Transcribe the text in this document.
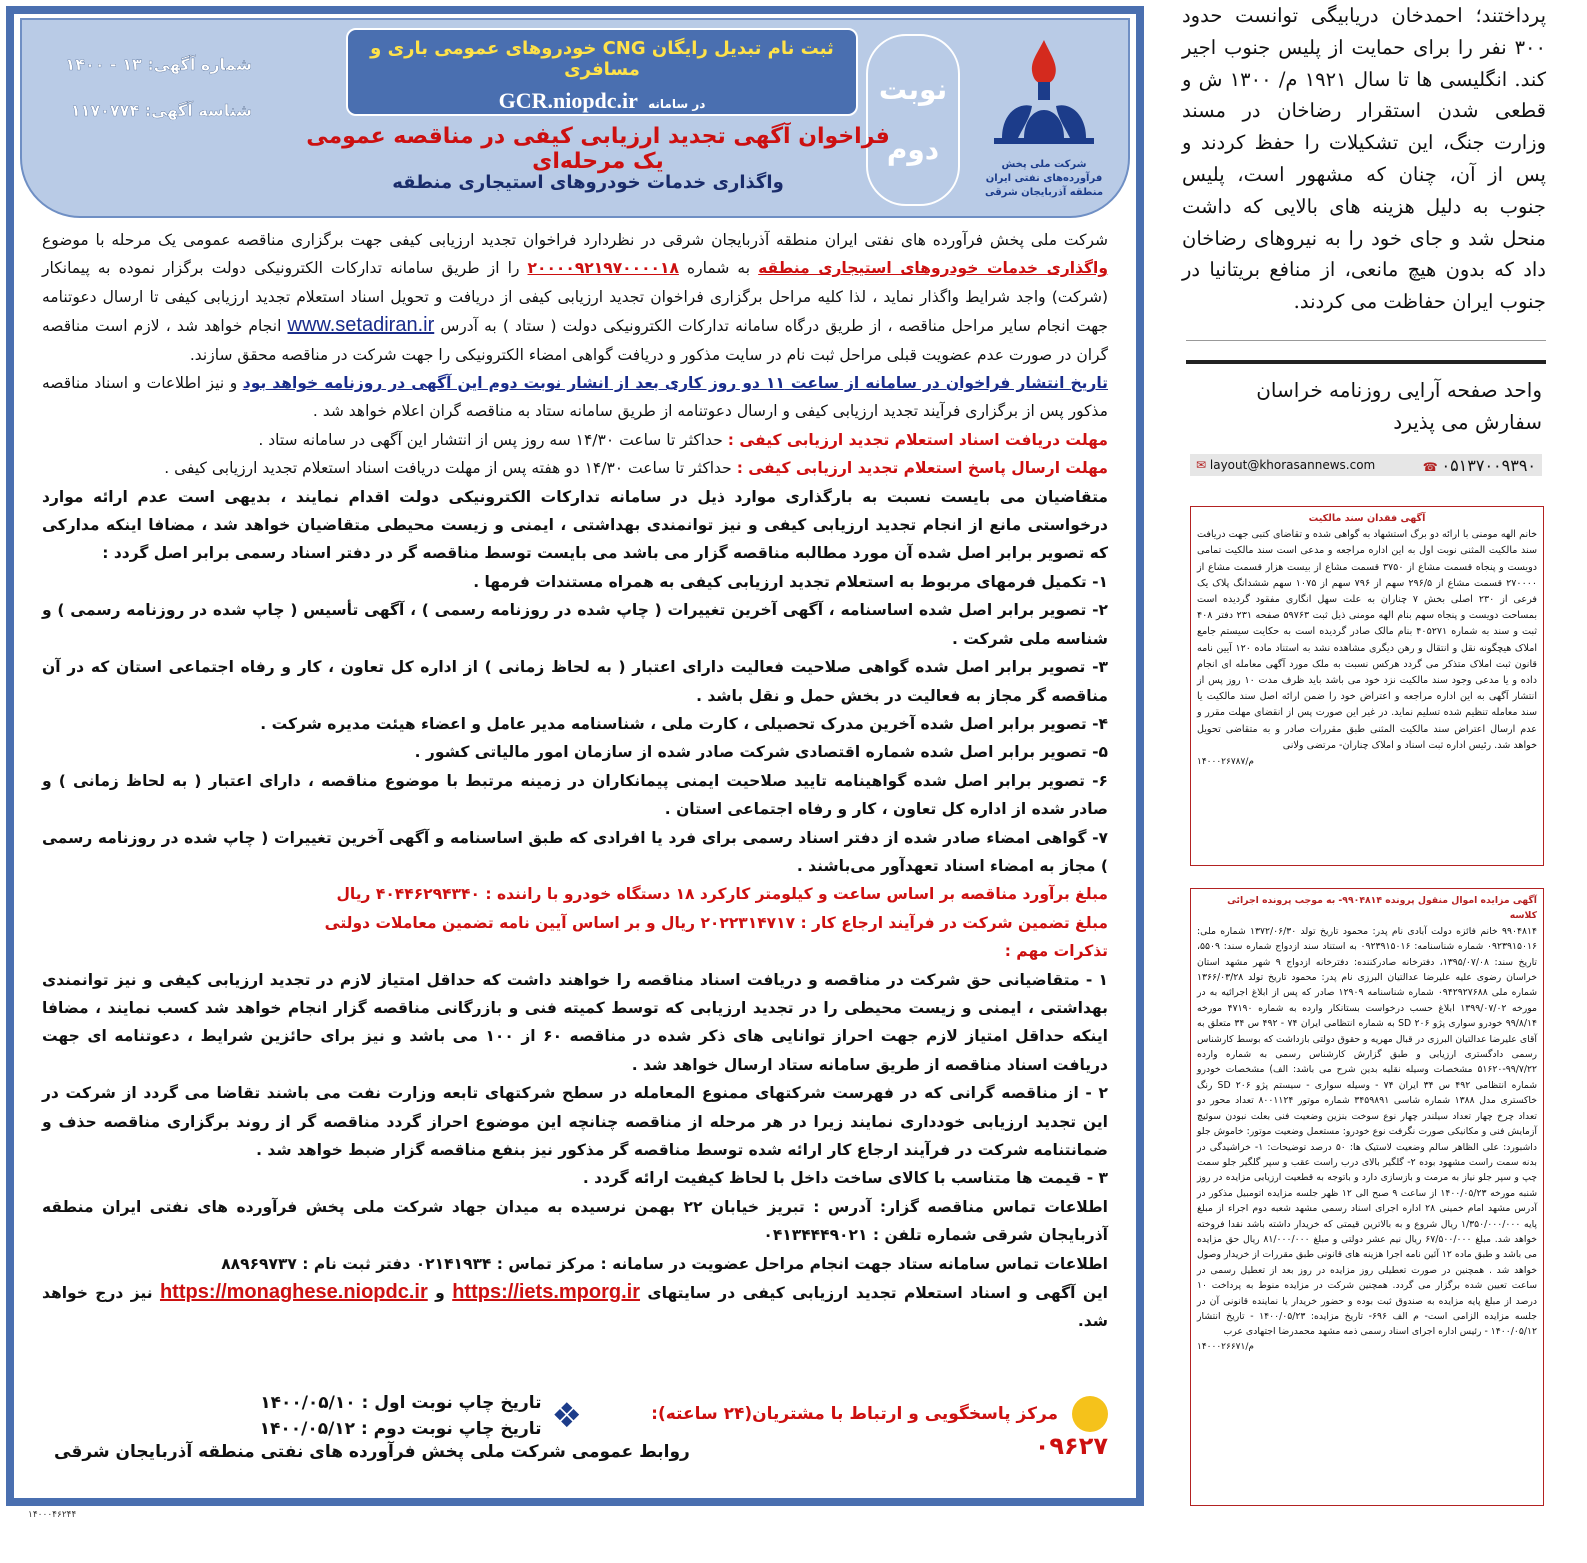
شرکت ملی پخش فرآورده‌های نفتی ایران منطقه آذربایجان شرقی
نوبت
دوم
ثبت نام تبدیل رایگان CNG خودروهای عمومی باری و مسافری
در سامانه GCR.niopdc.ir
شماره آگهی: ۱۳ - ۱۴۰۰
شناسه آگهی: ۱۱۷۰۷۷۴
فراخوان آگهی تجدید ارزیابی کیفی در مناقصه عمومی یک مرحله‌ای
واگذاری خدمات خودروهای استیجاری منطقه

شرکت ملی پخش فرآورده های نفتی ایران منطقه آذربایجان شرقی در نظردارد فراخوان تجدید ارزیابی کیفی جهت برگزاری مناقصه عمومی یک مرحله با موضوع واگذاری خدمات خودروهای استیجاری منطقه به شماره ۲۰۰۰۰۹۲۱۹۷۰۰۰۰۱۸ را از طریق سامانه تدارکات الکترونیکی دولت برگزار نموده به پیمانکار (شرکت) واجد شرایط واگذار نماید ، لذا کلیه مراحل برگزاری فراخوان تجدید ارزیابی کیفی از دریافت و تحویل اسناد استعلام تجدید ارزیابی کیفی تا ارسال دعوتنامه جهت انجام سایر مراحل مناقصه ، از طریق درگاه سامانه تدارکات الکترونیکی دولت ( ستاد ) به آدرس www.setadiran.ir انجام خواهد شد ، لازم است مناقصه گران در صورت عدم عضویت قبلی مراحل ثبت نام در سایت مذکور و دریافت گواهی امضاء الکترونیکی را جهت شرکت در مناقصه محقق سازند.

تاریخ انتشار فراخوان در سامانه از ساعت ۱۱ دو روز کاری بعد از انشار نوبت دوم این آگهی در روزنامه خواهد بود و نیز اطلاعات و اسناد مناقصه مذکور پس از برگزاری فرآیند تجدید ارزیابی کیفی و ارسال دعوتنامه از طریق سامانه ستاد به مناقصه گران اعلام خواهد شد .

مهلت دریافت اسناد استعلام تجدید ارزیابی کیفی : حداکثر تا ساعت ۱۴/۳۰ سه روز پس از انتشار این آگهی در سامانه ستاد .

مهلت ارسال پاسخ استعلام تجدید ارزیابی کیفی : حداکثر تا ساعت ۱۴/۳۰ دو هفته پس از مهلت دریافت اسناد استعلام تجدید ارزیابی کیفی .

متقاضیان می بایست نسبت به بارگذاری موارد ذیل در سامانه تدارکات الکترونیکی دولت اقدام نمایند ، بدیهی است عدم ارائه موارد درخواستی مانع از انجام تجدید ارزیابی کیفی و نیز توانمندی بهداشتی ، ایمنی و زیست محیطی متقاضیان خواهد شد ، مضافا اینکه مدارکی که تصویر برابر اصل شده آن مورد مطالبه مناقصه گزار می باشد می بایست توسط مناقصه گر در دفتر اسناد رسمی برابر اصل گردد :

۱- تکمیل فرمهای مربوط به استعلام تجدید ارزیابی کیفی به همراه مستندات فرمها .

۲- تصویر برابر اصل شده اساسنامه ، آگهی آخرین تغییرات ( چاپ شده در روزنامه رسمی ) ، آگهی تأسیس ( چاپ شده در روزنامه رسمی ) و شناسه ملی شرکت .

۳- تصویر برابر اصل شده گواهی صلاحیت فعالیت دارای اعتبار ( به لحاظ زمانی ) از اداره کل تعاون ، کار و رفاه اجتماعی استان که در آن مناقصه گر مجاز به فعالیت در بخش حمل و نقل باشد .

۴- تصویر برابر اصل شده آخرین مدرک تحصیلی ، کارت ملی ، شناسنامه مدیر عامل و اعضاء هیئت مدیره شرکت .

۵- تصویر برابر اصل شده شماره اقتصادی شرکت صادر شده از سازمان امور مالیاتی کشور .

۶- تصویر برابر اصل شده گواهینامه تایید صلاحیت ایمنی پیمانکاران در زمینه مرتبط با موضوع مناقصه ، دارای اعتبار ( به لحاظ زمانی ) و صادر شده از اداره کل تعاون ، کار و رفاه اجتماعی استان .

۷- گواهی امضاء صادر شده از دفتر اسناد رسمی برای فرد یا افرادی که طبق اساسنامه و آگهی آخرین تغییرات ( چاپ شده در روزنامه رسمی ) مجاز به امضاء اسناد تعهدآور می‌باشند .

مبلغ برآورد مناقصه بر اساس ساعت و کیلومتر کارکرد ۱۸ دستگاه خودرو با راننده : ۴۰۴۴۶۲۹۴۳۴۰ ریال

مبلغ تضمین شرکت در فرآیند ارجاع کار : ۲۰۲۲۳۱۴۷۱۷ ریال و بر اساس آیین نامه تضمین معاملات دولتی

تذکرات مهم :

۱ - متقاضیانی حق شرکت در مناقصه و دریافت اسناد مناقصه را خواهند داشت که حداقل امتیاز لازم در تجدید ارزیابی کیفی و نیز توانمندی بهداشتی ، ایمنی و زیست محیطی را در تجدید ارزیابی که توسط کمیته فنی و بازرگانی مناقصه گزار انجام خواهد شد کسب نمایند ، مضافا اینکه حداقل امتیاز لازم جهت احراز توانایی های ذکر شده در مناقصه ۶۰ از ۱۰۰ می باشد و نیز برای حائزین شرایط ، دعوتنامه ای جهت دریافت اسناد مناقصه از طریق سامانه ستاد ارسال خواهد شد .

۲ - از مناقصه گرانی که در فهرست شرکتهای ممنوع المعامله در سطح شرکتهای تابعه وزارت نفت می باشند تقاضا می گردد از شرکت در این تجدید ارزیابی خودداری نمایند زیرا در هر مرحله از مناقصه چنانچه این موضوع احراز گردد مناقصه گر از روند برگزاری مناقصه حذف و ضمانتنامه شرکت در فرآیند ارجاع کار ارائه شده توسط مناقصه گر مذکور نیز بنفع مناقصه گزار ضبط خواهد شد .

۳ - قیمت ها متناسب با کالای ساخت داخل با لحاظ کیفیت ارائه گردد .

اطلاعات تماس مناقصه گزار: آدرس : تبریز خیابان ۲۲ بهمن نرسیده به میدان جهاد شرکت ملی پخش فرآورده های نفتی ایران منطقه آذربایجان شرقی شماره تلفن : ۰۴۱۳۴۴۴۹۰۲۱

اطلاعات تماس سامانه ستاد جهت انجام مراحل عضویت در سامانه : مرکز تماس : ۰۲۱۴۱۹۳۴ دفتر ثبت نام : ۸۸۹۶۹۷۳۷

این آگهی و اسناد استعلام تجدید ارزیابی کیفی در سایتهای https://iets.mporg.ir و https://monaghese.niopdc.ir نیز درج خواهد شد.

❖
تاریخ چاپ نوبت اول : ۱۴۰۰/۰۵/۱۰
تاریخ چاپ نوبت دوم : ۱۴۰۰/۰۵/۱۲
مرکز پاسخگویی و ارتباط با مشتریان(۲۴ ساعته): ۰۹۶۲۷
روابط عمومی شرکت ملی پخش فرآورده های نفتی منطقه آذربایجان شرقی
۱۴۰۰۰۴۶۲۴۴
پرداختند؛ احمدخان دریابیگی توانست حدود ۳۰۰ نفر را برای حمایت از پلیس جنوب اجیر کند. انگلیسی ها تا سال ۱۹۲۱ م/ ۱۳۰۰ ش و قطعی شدن استقرار رضاخان در مسند وزارت جنگ، این تشکیلات را حفظ کردند و پس از آن، چنان که مشهور است، پلیس جنوب به دلیل هزینه های بالایی که داشت منحل شد و جای خود را به نیروهای رضاخان داد که بدون هیچ مانعی، از منافع بریتانیا در جنوب ایران حفاظت می کردند.
واحد صفحه آرایی روزنامه خراسان
سفارش می پذیرد
✉ layout@khorasannews.com	☎ ۰۵۱۳۷۰۰۹۳۹۰
آگهی فقدان سند مالکیت
خانم الهه مومنی با ارائه دو برگ استشهاد به گواهی شده و تقاضای کتبی جهت دریافت سند مالکیت المثنی نوبت اول به این اداره مراجعه و مدعی است سند مالکیت تمامی دویست و پنجاه قسمت مشاع از ۳۷۵۰ قسمت مشاع از بیست هزار قسمت مشاع از ۲۷۰۰۰۰ قسمت مشاع از ۲۹۶/۵ سهم از ۷۹۶ سهم از ۱۰۷۵ سهم ششدانگ پلاک یک فرعی از ۲۳۰ اصلی بخش ۷ چناران به علت سهل انگاری مفقود گردیده است بمساحت دویست و پنجاه سهم بنام الهه مومنی ذیل ثبت ۵۹۷۶۳ صفحه ۲۳۱ دفتر ۴۰۸ ثبت و سند به شماره ۴۰۵۲۷۱ بنام مالک صادر گردیده است به حکایت سیستم جامع املاک هیچگونه نقل و انتقال و رهن دیگری مشاهده نشد به استناد ماده ۱۲۰ آیین نامه قانون ثبت املاک متذکر می گردد هرکس نسبت به ملک مورد آگهی معامله ای انجام داده و یا مدعی وجود سند مالکیت نزد خود می باشد باید ظرف مدت ۱۰ روز پس از انتشار آگهی به این اداره مراجعه و اعتراض خود را ضمن ارائه اصل سند مالکیت یا سند معامله تنظیم شده تسلیم نماید. در غیر این صورت پس از انقضای مهلت مقرر و عدم ارسال اعتراض سند مالکیت المثنی طبق مقررات صادر و به متقاضی تحویل خواهد شد. رئیس اداره ثبت اسناد و املاک چناران- مرتضی ولانی
م/۱۴۰۰۰۲۶۷۸۷
آگهی مزایده اموال منقول پرونده ۹۹۰۴۸۱۴- به موجب پرونده اجرائی کلاسه
۹۹۰۴۸۱۴ خانم فائزه دولت آبادی نام پدر: محمود تاریخ تولد ۱۳۷۲/۰۶/۳۰ شماره ملی: ۰۹۲۳۹۱۵۰۱۶ شماره شناسنامه: ۰۹۲۳۹۱۵۰۱۶ به استناد سند ازدواج شماره سند: ۵۵۰۹، تاریخ سند: ۱۳۹۵/۰۷/۰۸، دفترخانه صادرکننده: دفترخانه ازدواج ۹ شهر مشهد استان خراسان رضوی علیه علیرضا عدالتیان البرزی نام پدر: محمود تاریخ تولد ۱۳۶۶/۰۳/۲۸ شماره ملی ۰۹۴۲۹۲۷۶۸۸ شماره شناسنامه ۱۲۹۰۹ صادر که پس از ابلاغ اجرائیه به در مورخه ۱۳۹۹/۰۷/۰۲ ابلاغ حسب درخواست بستانکار وارده به شماره ۴۷۱۹۰ مورخه ۹۹/۸/۱۴ خودرو سواری پژو ۲۰۶ SD به شماره انتظامی ایران ۷۴ - ۴۹۲ س ۳۴ متعلق به آقای علیرضا عدالتیان البرزی در قبال مهریه و حقوق دولتی بازداشت که بوسط کارشناس رسمی دادگستری ارزیابی و طبق گزارش کارشناس رسمی به شماره وارده ۹۹/۷/۲۲-۵۱۶۲۰ مشخصات وسیله نقلیه بدین شرح می باشد: الف) مشخصات خودرو شماره انتظامی ۴۹۲ س ۳۴ ایران ۷۴ - وسیله سواری - سیستم پژو ۲۰۶ SD رنگ خاکستری مدل ۱۳۸۸ شماره شاسی ۳۴۵۹۸۹۱ شماره موتور ۸۰۰۱۱۲۴ تعداد محور دو تعداد چرخ چهار تعداد سیلندر چهار نوع سوخت بنزین وضعیت فنی بعلت نبودن سوئیچ آزمایش فنی و مکانیکی صورت نگرفت نوع خودرو: مستعمل وضعیت موتور: خاموش جلو داشبورد: علی الظاهر سالم وضعیت لاستیک ها: ۵۰ درصد توضیحات: ۱- خراشیدگی در بدنه سمت راست مشهود بوده ۲- گلگیر بالای درب راست عقب و سپر گلگیر جلو سمت چپ و سپر جلو نیاز به مرمت و بازسازی دارد و باتوجه به قطعیت ارزیابی مزایده در روز شنبه مورخه ۱۴۰۰/۰۵/۲۳ از ساعت ۹ صبح الی ۱۲ ظهر جلسه مزایده اتومبیل مذکور در آدرس مشهد امام خمینی ۲۸ اداره اجرای اسناد رسمی مشهد شعبه دوم اجراء از مبلغ پایه ۱/۳۵۰/۰۰۰/۰۰۰ ریال شروع و به بالاترین قیمتی که خریدار داشته باشد نقدا فروخته خواهد شد. مبلغ ۶۷/۵۰۰/۰۰۰ ریال نیم عشر دولتی و مبلغ ۸۱/۰۰۰/۰۰۰ ریال حق مزایده می باشد و طبق ماده ۱۲ آئین نامه اجرا هزینه های قانونی طبق مقررات از خریدار وصول خواهد شد . همچنین در صورت تعطیلی روز مزایده در روز بعد از تعطیل رسمی در ساعت تعیین شده برگزار می گردد. همچنین شرکت در مزایده منوط به پرداخت ۱۰ درصد از مبلغ پایه مزایده به صندوق ثبت بوده و حضور خریدار یا نماینده قانونی آن در جلسه مزایده الزامی است- م الف ۶۹۶- تاریخ مزایده: ۱۴۰۰/۰۵/۲۳ - تاریخ انتشار ۱۴۰۰/۰۵/۱۲ - رئیس اداره اجرای اسناد رسمی ذمه مشهد محمدرضا اجتهادی عرب
م/۱۴۰۰۰۲۶۶۷۱
